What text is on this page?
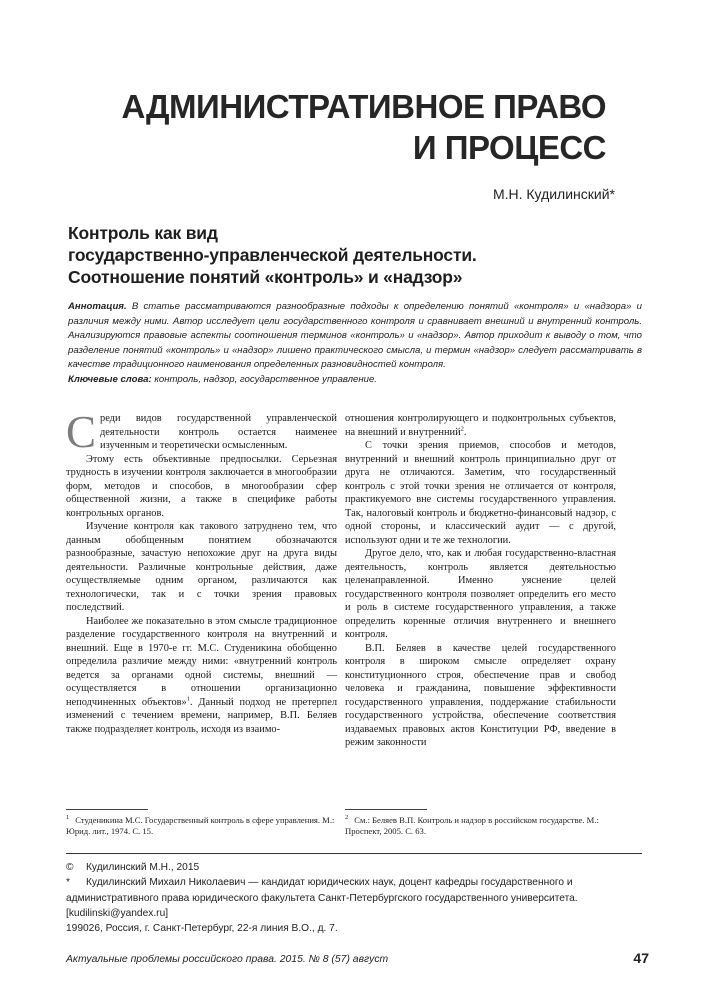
АДМИНИСТРАТИВНОЕ ПРАВО
И ПРОЦЕСС
М.Н. Кудилинский*
Контроль как вид
государственно-управленческой деятельности.
Соотношение понятий «контроль» и «надзор»

Аннотация. В статье рассматриваются разнообразные подходы к определению понятий «контроля» и «надзора» и различия между ними. Автор исследует цели государственного контроля и сравнивает внешний и внутренний контроль. Анализируются правовые аспекты соотношения терминов «контроль» и «надзор». Автор приходит к выводу о том, что разделение понятий «контроль» и «надзор» лишено практического смысла, и термин «надзор» следует рассматривать в качестве традиционного наименования определенных разновидностей контроля.

Ключевые слова: контроль, надзор, государственное управление.

Среди видов государственной управленческой деятельности контроль остается наименее изученным и теоретически осмысленным.

Этому есть объективные предпосылки. Серьезная трудность в изучении контроля заключается в многообразии форм, методов и способов, в многообразии сфер общественной жизни, а также в специфике работы контрольных органов.

Изучение контроля как такового затруднено тем, что данным обобщенным понятием обозначаются разнообразные, зачастую непохожие друг на друга виды деятельности. Различные контрольные действия, даже осуществляемые одним органом, различаются как технологически, так и с точки зрения правовых последствий.

Наиболее же показательно в этом смысле традиционное разделение государственного контроля на внутренний и внешний. Еще в 1970-е гг. М.С. Студеникина обобщенно определила различие между ними: «внутренний контроль ведется за органами одной системы, внешний — осуществляется в отношении организационно неподчиненных объектов»$^1$. Данный подход не претерпел изменений с течением времени, например, В.П. Беляев также подразделяет контроль, исходя из взаимо-

отношения контролирующего и подконтрольных субъектов, на внешний и внутренний$^2$.

С точки зрения приемов, способов и методов, внутренний и внешний контроль принципиально друг от друга не отличаются. Заметим, что государственный контроль с этой точки зрения не отличается от контроля, практикуемого вне системы государственного управления. Так, налоговый контроль и бюджетно-финансовый надзор, с одной стороны, и классический аудит — с другой, используют одни и те же технологии.

Другое дело, что, как и любая государственно-властная деятельность, контроль является деятельностью целенаправленной. Именно уяснение целей государственного контроля позволяет определить его место и роль в системе государственного управления, а также определить коренные отличия внутреннего и внешнего контроля.

В.П. Беляев в качестве целей государственного контроля в широком смысле определяет охрану конституционного строя, обеспечение прав и свобод человека и гражданина, повышение эффективности государственного управления, поддержание стабильности государственного устройства, обеспечение соответствия издаваемых правовых актов Конституции РФ, введение в режим законности

$^1$ Студеникина М.С. Государственный контроль в сфере управления. М.: Юрид. лит., 1974. С. 15.
$^2$ См.: Беляев В.П. Контроль и надзор в российском государстве. М.: Проспект, 2005. С. 63.

© Кудилинский М.Н., 2015

* Кудилинский Михаил Николаевич — кандидат юридических наук, доцент кафедры государственного и административного права юридического факультета Санкт-Петербургского государственного университета.

[kudilinski@yandex.ru]

199026, Россия, г. Санкт-Петербург, 22-я линия В.О., д. 7.

Актуальные проблемы российского права. 2015. № 8 (57) август	47
